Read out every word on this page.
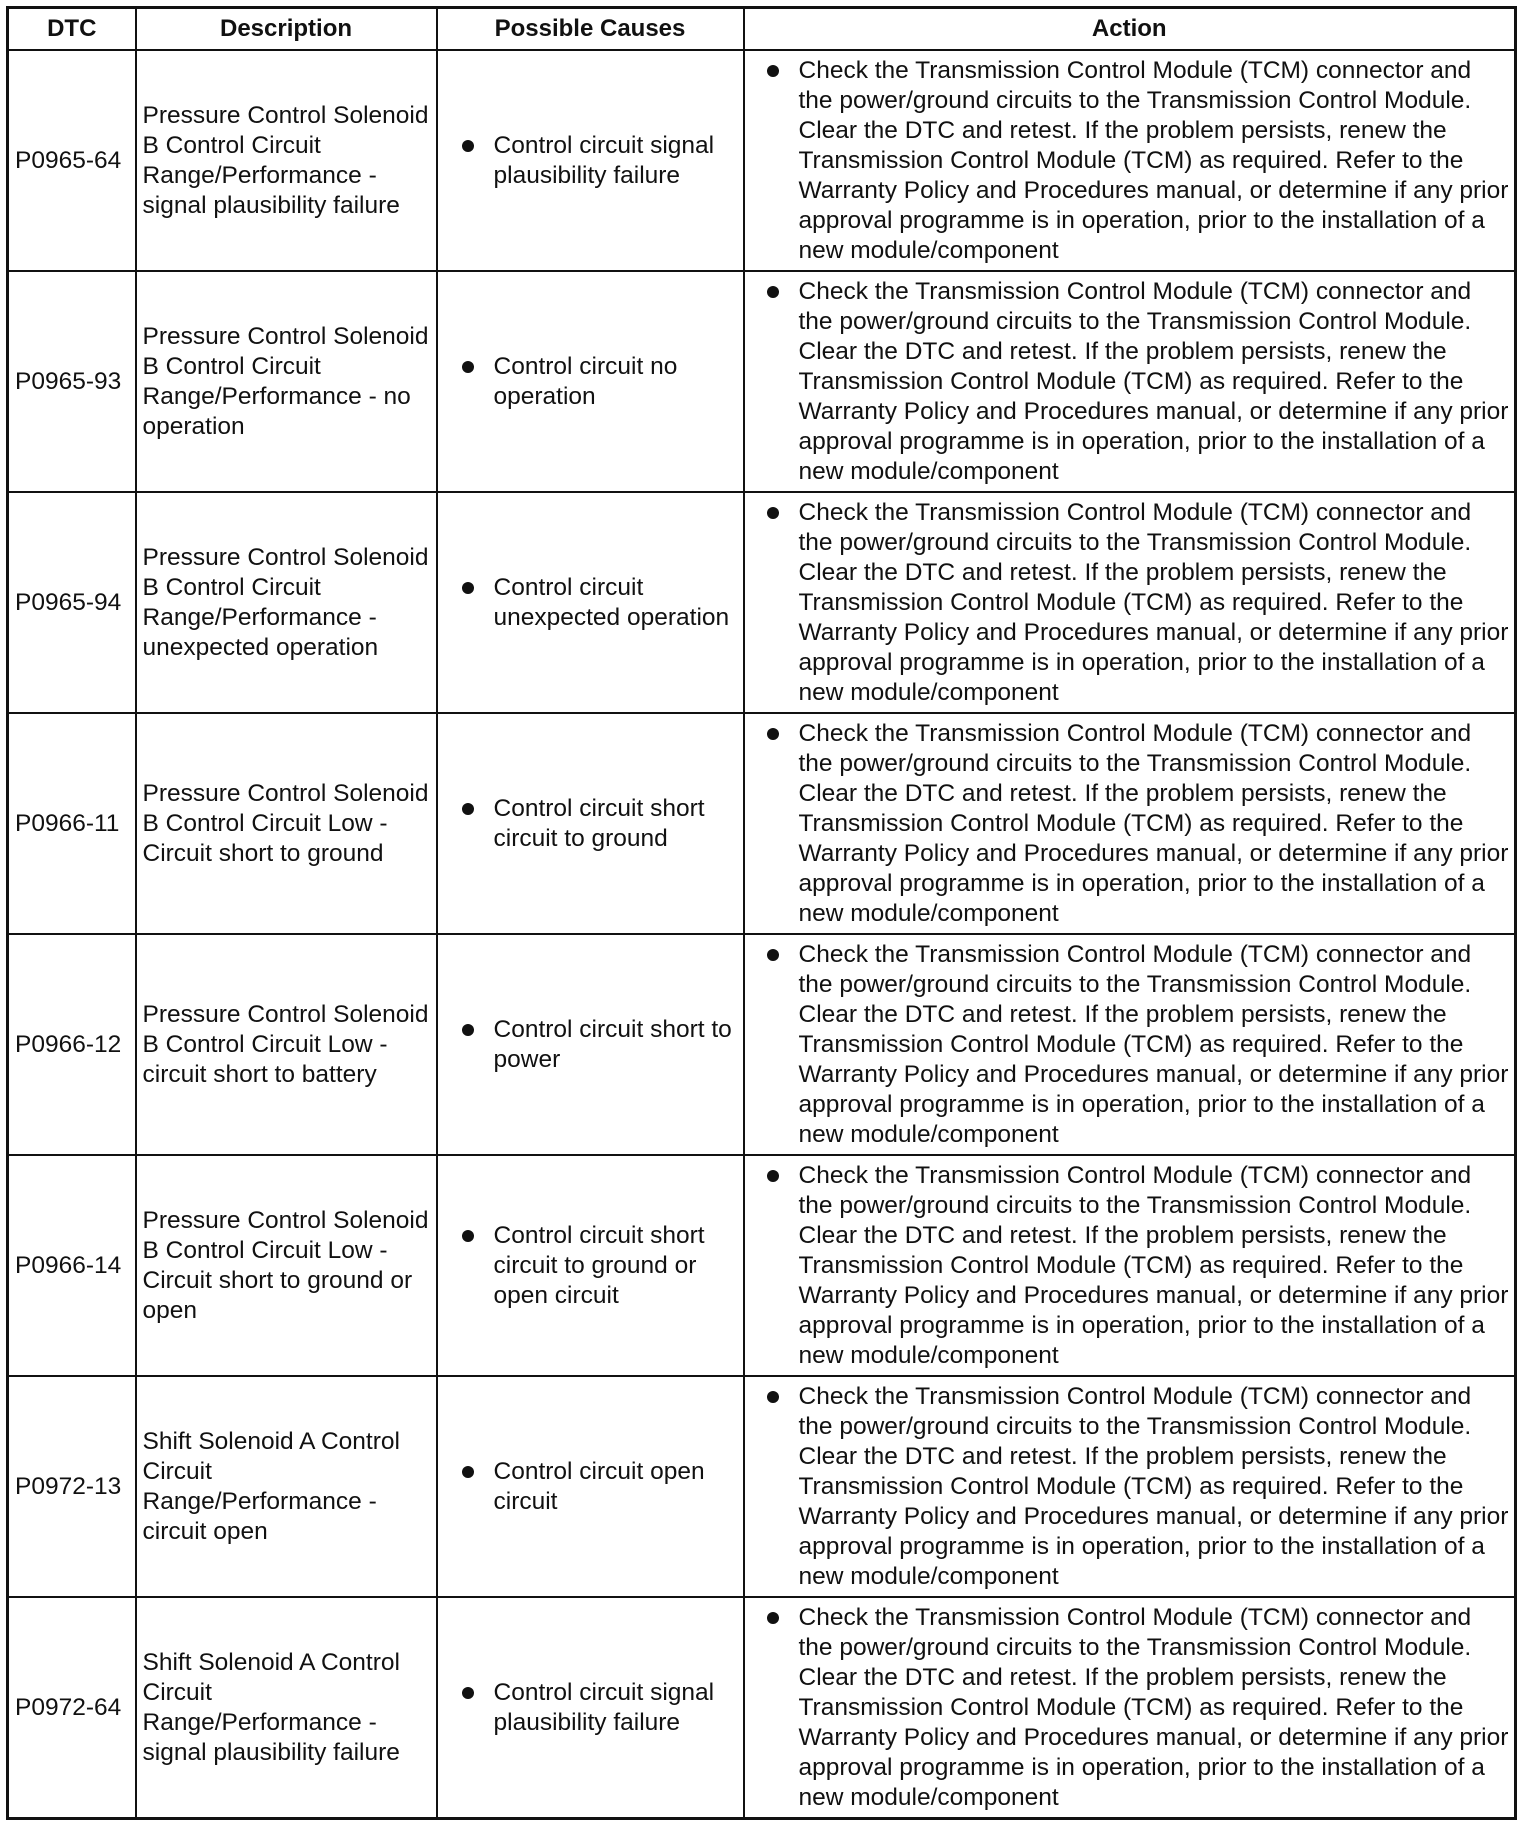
DTC	Description	Possible Causes	Action
P0965-64	Pressure Control Solenoid B Control Circuit Range/Performance - signal plausibility failure	Control circuit signal plausibility failure	Check the Transmission Control Module (TCM) connector and the power/ground circuits to the Transmission Control Module. Clear the DTC and retest. If the problem persists, renew the Transmission Control Module (TCM) as required. Refer to the Warranty Policy and Procedures manual, or determine if any prior approval programme is in operation, prior to the installation of a new module/component

P0965-93	Pressure Control Solenoid B Control Circuit Range/Performance - no operation	Control circuit no operation	Check the Transmission Control Module (TCM) connector and the power/ground circuits to the Transmission Control Module. Clear the DTC and retest. If the problem persists, renew the Transmission Control Module (TCM) as required. Refer to the Warranty Policy and Procedures manual, or determine if any prior approval programme is in operation, prior to the installation of a new module/component

P0965-94	Pressure Control Solenoid B Control Circuit Range/Performance - unexpected operation	Control circuit unexpected operation	Check the Transmission Control Module (TCM) connector and the power/ground circuits to the Transmission Control Module. Clear the DTC and retest. If the problem persists, renew the Transmission Control Module (TCM) as required. Refer to the Warranty Policy and Procedures manual, or determine if any prior approval programme is in operation, prior to the installation of a new module/component

P0966-11	Pressure Control Solenoid B Control Circuit Low - Circuit short to ground	Control circuit short circuit to ground	Check the Transmission Control Module (TCM) connector and the power/ground circuits to the Transmission Control Module. Clear the DTC and retest. If the problem persists, renew the Transmission Control Module (TCM) as required. Refer to the Warranty Policy and Procedures manual, or determine if any prior approval programme is in operation, prior to the installation of a new module/component

P0966-12	Pressure Control Solenoid B Control Circuit Low - circuit short to battery	Control circuit short to power	Check the Transmission Control Module (TCM) connector and the power/ground circuits to the Transmission Control Module. Clear the DTC and retest. If the problem persists, renew the Transmission Control Module (TCM) as required. Refer to the Warranty Policy and Procedures manual, or determine if any prior approval programme is in operation, prior to the installation of a new module/component

P0966-14	Pressure Control Solenoid B Control Circuit Low - Circuit short to ground or open	Control circuit short circuit to ground or open circuit	Check the Transmission Control Module (TCM) connector and the power/ground circuits to the Transmission Control Module. Clear the DTC and retest. If the problem persists, renew the Transmission Control Module (TCM) as required. Refer to the Warranty Policy and Procedures manual, or determine if any prior approval programme is in operation, prior to the installation of a new module/component

P0972-13	Shift Solenoid A Control Circuit Range/Performance - circuit open	Control circuit open circuit	Check the Transmission Control Module (TCM) connector and the power/ground circuits to the Transmission Control Module. Clear the DTC and retest. If the problem persists, renew the Transmission Control Module (TCM) as required. Refer to the Warranty Policy and Procedures manual, or determine if any prior approval programme is in operation, prior to the installation of a new module/component

P0972-64	Shift Solenoid A Control Circuit Range/Performance - signal plausibility failure	Control circuit signal plausibility failure	Check the Transmission Control Module (TCM) connector and the power/ground circuits to the Transmission Control Module. Clear the DTC and retest. If the problem persists, renew the Transmission Control Module (TCM) as required. Refer to the Warranty Policy and Procedures manual, or determine if any prior approval programme is in operation, prior to the installation of a new module/component
